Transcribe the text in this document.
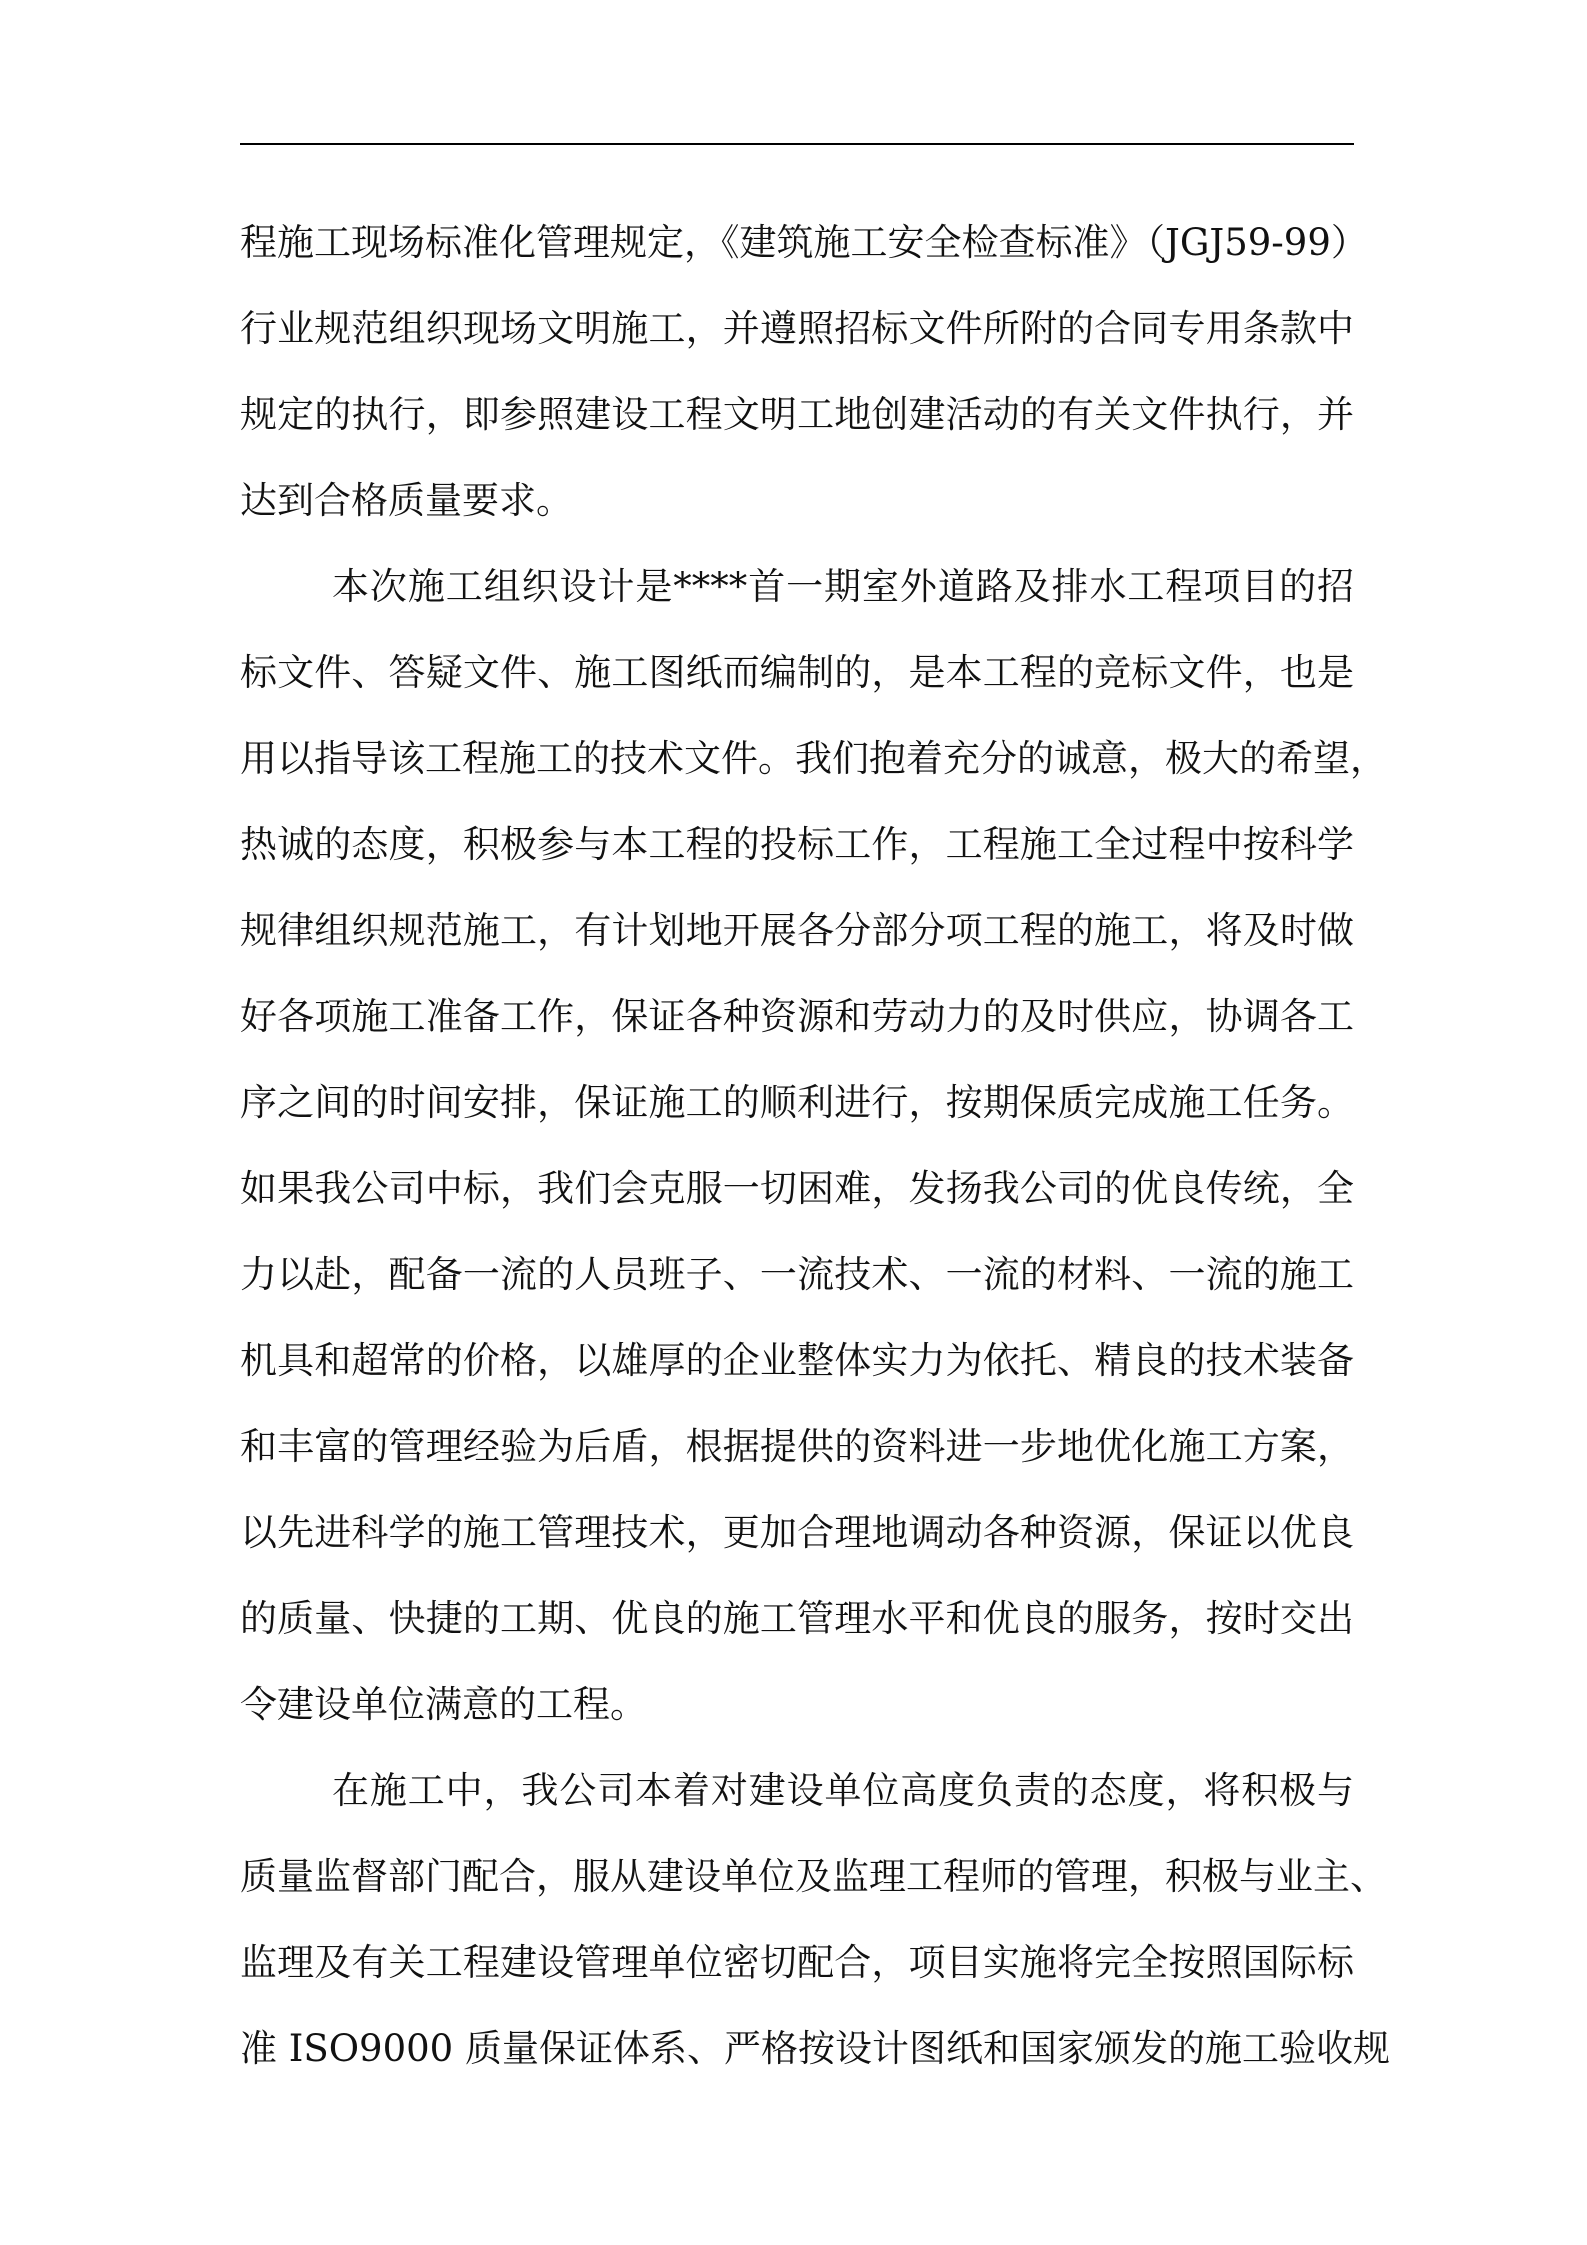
程施工现场标准化管理规定，《建筑施工安全检查标准》（JGJ59-99）
行业规范组织现场文明施工，并遵照招标文件所附的合同专用条款中
规定的执行，即参照建设工程文明工地创建活动的有关文件执行，并
达到合格质量要求。
本次施工组织设计是****首一期室外道路及排水工程项目的招
标文件、答疑文件、施工图纸而编制的，是本工程的竞标文件，也是
用以指导该工程施工的技术文件。我们抱着充分的诚意，极大的希望，
热诚的态度，积极参与本工程的投标工作，工程施工全过程中按科学
规律组织规范施工，有计划地开展各分部分项工程的施工，将及时做
好各项施工准备工作，保证各种资源和劳动力的及时供应，协调各工
序之间的时间安排，保证施工的顺利进行，按期保质完成施工任务。
如果我公司中标，我们会克服一切困难，发扬我公司的优良传统，全
力以赴，配备一流的人员班子、一流技术、一流的材料、一流的施工
机具和超常的价格，以雄厚的企业整体实力为依托、精良的技术装备
和丰富的管理经验为后盾，根据提供的资料进一步地优化施工方案，
以先进科学的施工管理技术，更加合理地调动各种资源，保证以优良
的质量、快捷的工期、优良的施工管理水平和优良的服务，按时交出
令建设单位满意的工程。
在施工中，我公司本着对建设单位高度负责的态度，将积极与
质量监督部门配合，服从建设单位及监理工程师的管理，积极与业主、
监理及有关工程建设管理单位密切配合，项目实施将完全按照国际标
准 ISO9000 质量保证体系、严格按设计图纸和国家颁发的施工验收规
